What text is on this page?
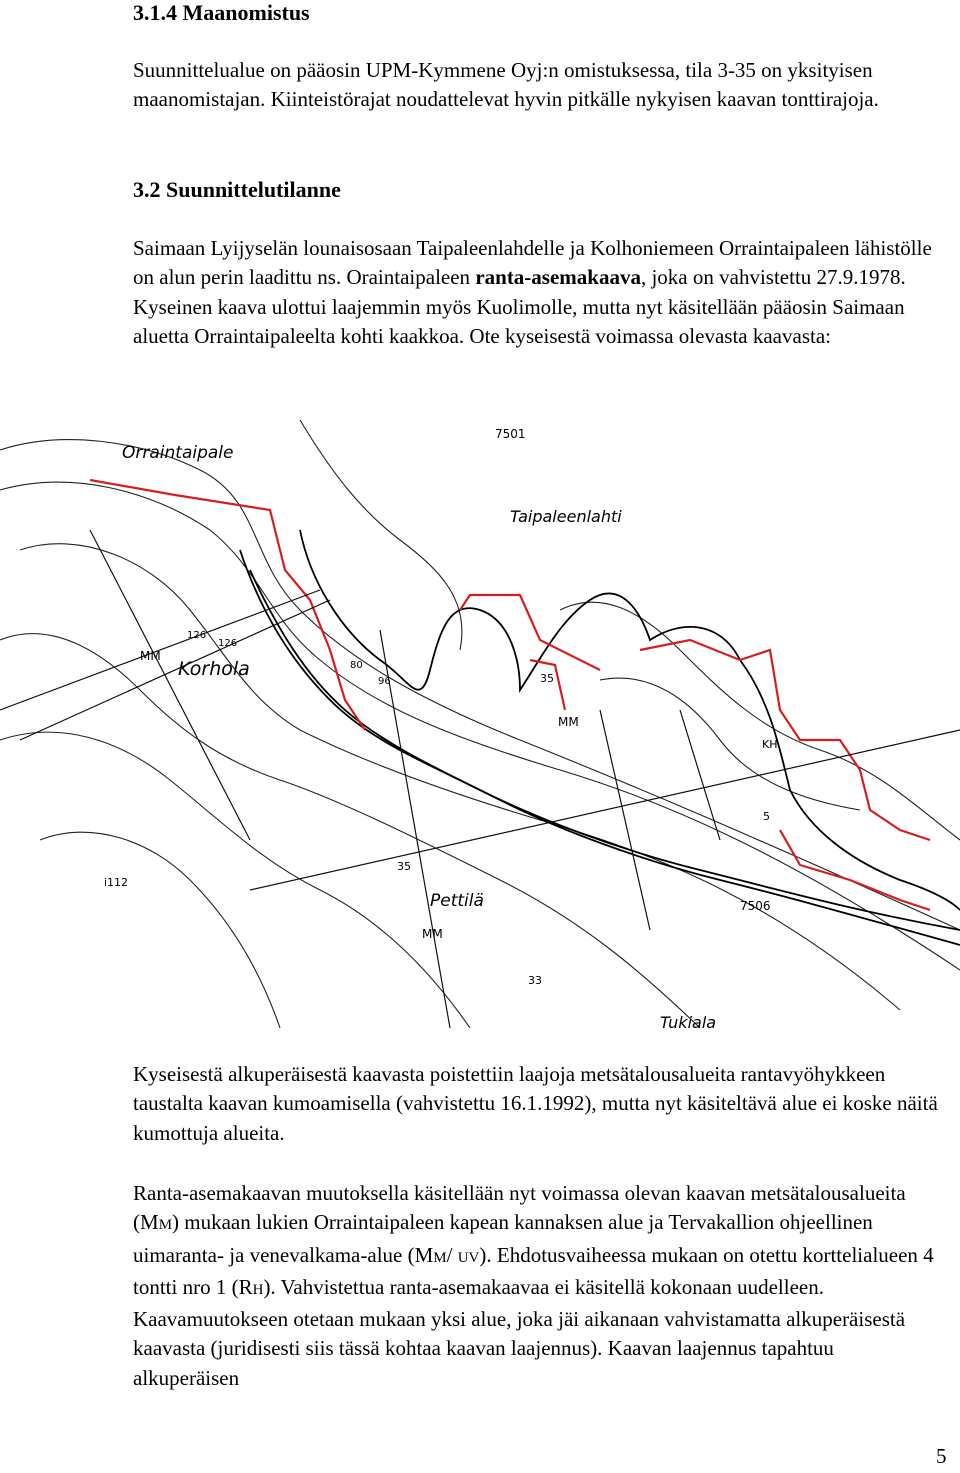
3.1.4 Maanomistus
Suunnittelualue on pääosin UPM-Kymmene Oyj:n omistuksessa, tila 3-35 on yksityisen maanomistajan. Kiinteistörajat noudattelevat hyvin pitkälle nykyisen kaavan tonttirajoja.
3.2 Suunnittelutilanne
Saimaan Lyijyselän lounaisosaan Taipaleenlahdelle ja Kolhoniemeen Orraintaipaleen lähistölle on alun perin laadittu ns. Oraintaipaleen ranta-asemakaava, joka on vahvistettu 27.9.1978. Kyseinen kaava ulottui laajemmin myös Kuolimolle, mutta nyt käsitellään pääosin Saimaan aluetta Orraintaipaleelta kohti kaakkoa. Ote kyseisestä voimassa olevasta kaavasta:
Orraintaipale
Taipaleenlahti
Korhola
Pettilä
Tukiala
7501
7506
MM
MM
MM
KH
i112
126
126
80
96	35
35
33
5
Kyseisestä alkuperäisestä kaavasta poistettiin laajoja metsätalousalueita rantavyöhykkeen taustalta kaavan kumoamisella (vahvistettu 16.1.1992), mutta nyt käsiteltävä alue ei koske näitä kumottuja alueita.
Ranta-asemakaavan muutoksella käsitellään nyt voimassa olevan kaavan metsätalousalueita (MM) mukaan lukien Orraintaipaleen kapean kannaksen alue ja Tervakallion ohjeellinen uimaranta- ja venevalkama-alue (MM/ UV). Ehdotusvaiheessa mukaan on otettu korttelialueen 4 tontti nro 1 (RH). Vahvistettua ranta-asemakaavaa ei käsitellä kokonaan uudelleen. Kaavamuutokseen otetaan mukaan yksi alue, joka jäi aikanaan vahvistamatta alkuperäisestä kaavasta (juridisesti siis tässä kohtaa kaavan laajennus). Kaavan laajennus tapahtuu alkuperäisen
5
